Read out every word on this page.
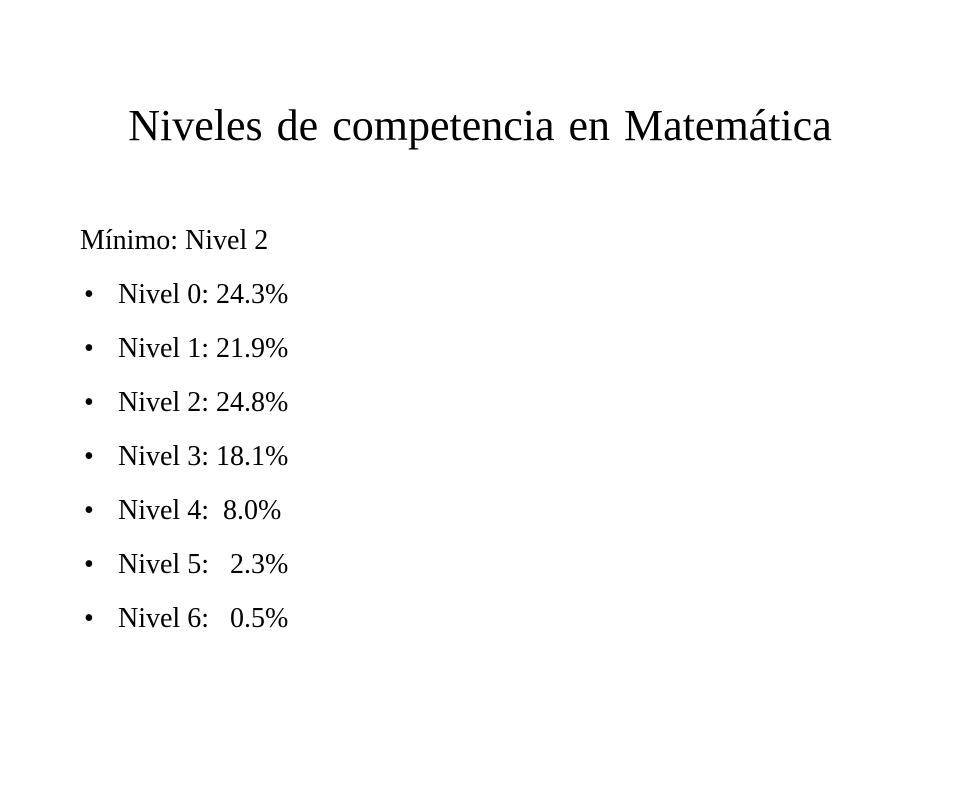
Niveles de competencia en Matemática
Mínimo: Nivel 2

•

Nivel 0: 24.3%

•

Nivel 1: 21.9%

•

Nivel 2: 24.8%

•

Nivel 3: 18.1%

•

Nivel 4:  8.0%

•

Nivel 5:   2.3%

•

Nivel 6:   0.5%
